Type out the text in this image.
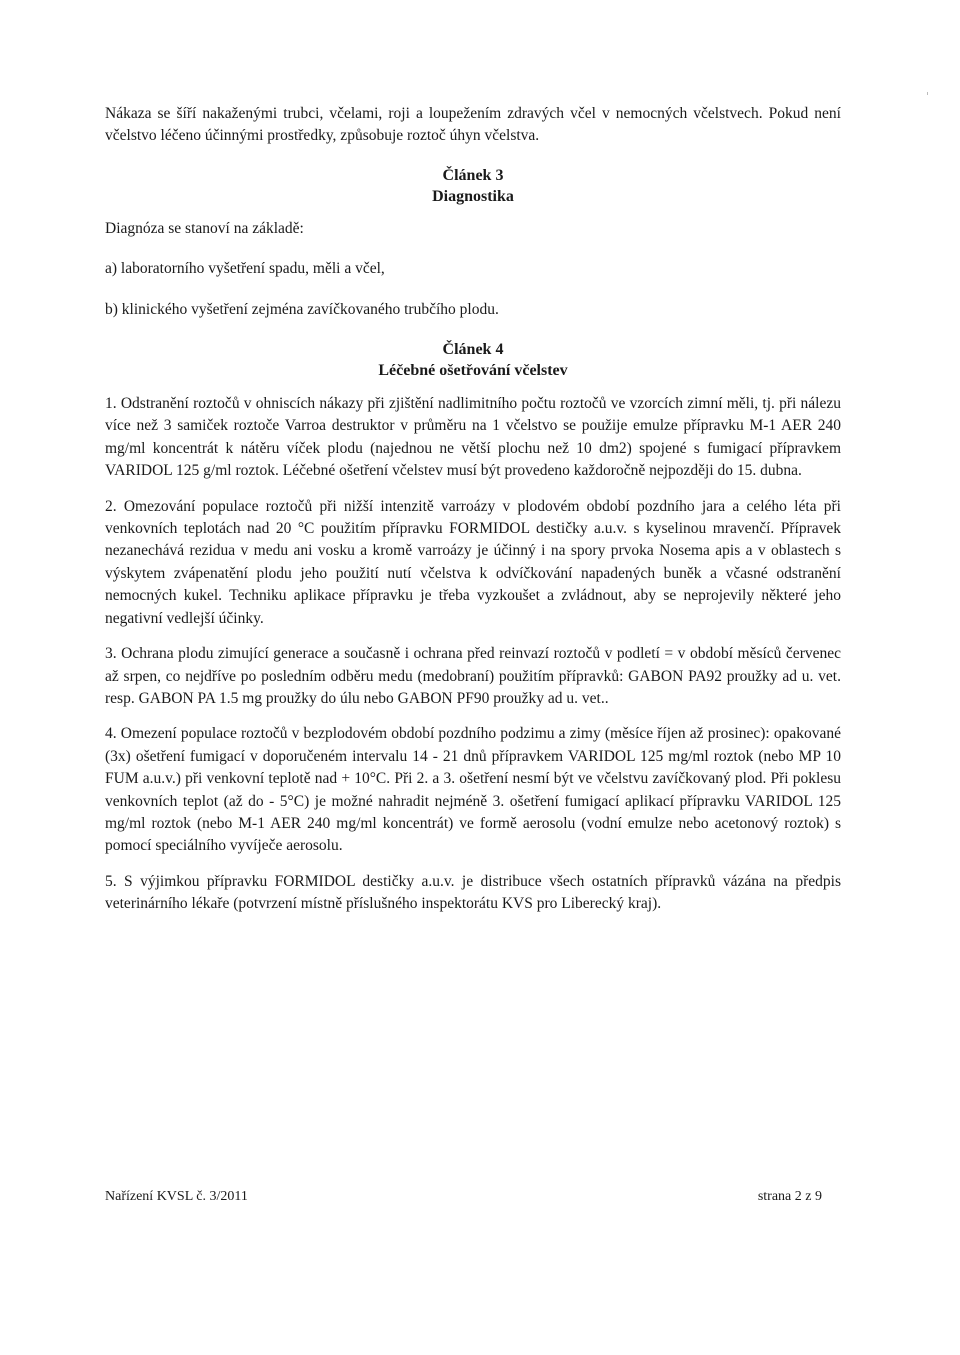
Nákaza se šíří nakaženými trubci, včelami, roji a loupežením zdravých včel v nemocných včelstvech. Pokud není včelstvo léčeno účinnými prostředky, způsobuje roztoč úhyn včelstva.

Článek 3

Diagnostika

Diagnóza se stanoví na základě:

a) laboratorního vyšetření spadu, měli a včel,

b) klinického vyšetření zejména zavíčkovaného trubčího plodu.

Článek 4

Léčebné ošetřování včelstev

1. Odstranění roztočů v ohniscích nákazy při zjištění nadlimitního počtu roztočů ve vzorcích zimní měli, tj. při nálezu více než 3 samiček roztoče Varroa destruktor v průměru na 1 včelstvo se použije emulze přípravku M-1 AER 240 mg/ml koncentrát k nátěru víček plodu (najednou ne větší plochu než 10 dm2) spojené s fumigací přípravkem VARIDOL 125 g/ml roztok. Léčebné ošetření včelstev musí být provedeno každoročně nejpozději do 15. dubna.

2. Omezování populace roztočů při nižší intenzitě varroázy v plodovém období pozdního jara a celého léta při venkovních teplotách nad 20 °C použitím přípravku FORMIDOL destičky a.u.v. s kyselinou mravenčí. Přípravek nezanechává rezidua v medu ani vosku a kromě varroázy je účinný i na spory prvoka Nosema apis a v oblastech s výskytem zvápenatění plodu jeho použití nutí včelstva k odvíčkování napadených buněk a včasné odstranění nemocných kukel. Techniku aplikace přípravku je třeba vyzkoušet a zvládnout, aby se neprojevily některé jeho negativní vedlejší účinky.

3. Ochrana plodu zimující generace a současně i ochrana před reinvazí roztočů v podletí = v období měsíců červenec až srpen, co nejdříve po posledním odběru medu (medobraní) použitím přípravků: GABON PA92 proužky ad u. vet. resp. GABON PA 1.5 mg proužky do úlu nebo GABON PF90 proužky ad u. vet..

4. Omezení populace roztočů v bezplodovém období pozdního podzimu a zimy (měsíce říjen až prosinec): opakované (3x) ošetření fumigací v doporučeném intervalu 14 - 21 dnů přípravkem VARIDOL 125 mg/ml roztok (nebo MP 10 FUM a.u.v.) při venkovní teplotě nad + 10°C. Při 2. a 3. ošetření nesmí být ve včelstvu zavíčkovaný plod. Při poklesu venkovních teplot (až do - 5°C) je možné nahradit nejméně 3. ošetření fumigací aplikací přípravku VARIDOL 125 mg/ml roztok (nebo M-1 AER 240 mg/ml koncentrát) ve formě aerosolu (vodní emulze nebo acetonový roztok) s pomocí speciálního vyvíječe aerosolu.

5. S výjimkou přípravku FORMIDOL destičky a.u.v. je distribuce všech ostatních přípravků vázána na předpis veterinárního lékaře (potvrzení místně příslušného inspektorátu KVS pro Liberecký kraj).

Nařízení KVSL č. 3/2011	strana 2 z 9
